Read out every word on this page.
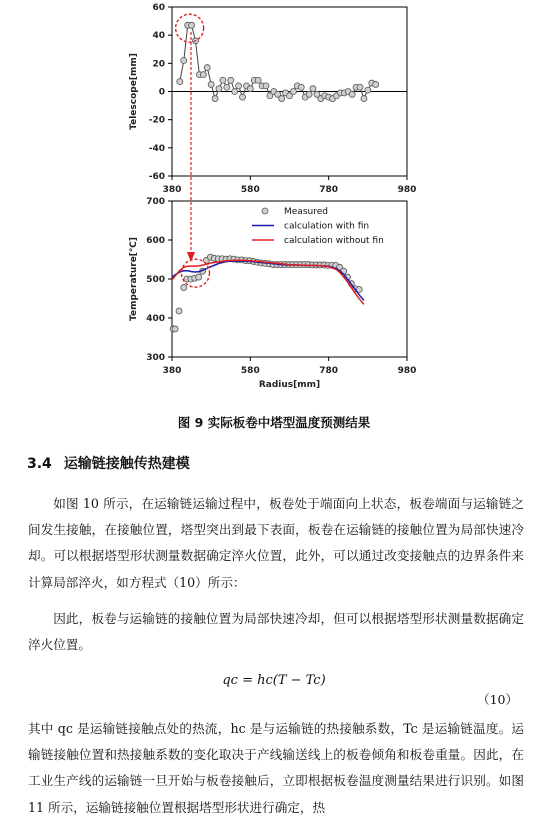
60
40
20
0
-20
-40
-60
380	580	780	980
Telescope[mm]
700
600
500
400
300
380	580	780	980
Temperature[℃]
Radius[mm]
Measured
calculation with fin
calculation without fin
图 9 实际板卷中塔型温度预测结果
3.4 运输链接触传热建模
如图 10 所示，在运输链运输过程中，板卷处于端面向上状态，板卷端面与运输链之间发生接触，在接触位置，塔型突出到最下表面，板卷在运输链的接触位置为局部快速冷却。可以根据塔型形状测量数据确定淬火位置，此外，可以通过改变接触点的边界条件来计算局部淬火，如方程式（10）所示：
因此，板卷与运输链的接触位置为局部快速冷却，但可以根据塔型形状测量数据确定淬火位置。
qc = hc(T − Tc)
（10）
其中 qc 是运输链接触点处的热流，hc 是与运输链的热接触系数，Tc 是运输链温度。运输链接触位置和热接触系数的变化取决于产线输送线上的板卷倾角和板卷重量。因此，在工业生产线的运输链一旦开始与板卷接触后，立即根据板卷温度测量结果进行识别。如图 11 所示，运输链接触位置根据塔型形状进行确定，热
